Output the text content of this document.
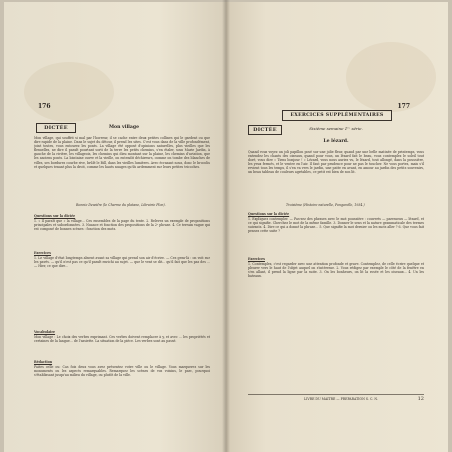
176
DICTÉE	Mon village
Mon village, qui souffrit si mal par l'horreur, il se cache entre deux petites collines qui le gardent ou que dire rapide de la plaine. Dans le sujet du détour, il prend les sites. C'est vous dans de la ville profondément, joint toutes, vous entourez les ponts. La village été opposé d'opinions naturelles, plus vieilles que les flexuelles, ne dire il paraît pourtant sorti de la terre les petits chemins, s'en étaler, sous Marie Jardin, à gauche de la rivière, les villageois, les chemins qui dieu montant sur la plaine, les chemins d'aviation, que les anciens ponts. La lointaine ouvre et la vieille, on entendit déchireurs, comme on tombe des blanches de villes, ses bordures courbe rive, brûlé le Bill, dans les vieilles lumières. Avec écrasant nous, donc le brocolis et quelques tenant plus la droit, comme les hauts nuages qu'ils ardemment sur leurs petites tricoches.
Ronnie Dewidre (le Charme du platane, Librairie Plon).
Questions sur la dictée
1. « Il paraît que » la village... Ces ensembles de la page du texte. 2. Relevez un exemple de propositions principales et subordonnées. 3. Nuance et fonction des propositions de la 2ᵉ phrase. 4. Ce terrain vague qui est composé de bonnes scènes : fonction des mots.
Exercices
1. Le village d'état longtemps absent avant sa village qui prend son air d'écrire. — Ces gens-là : on voit sur les pavés. — qu'il n'est pas ce qu'il paraît enrichi au sujet. — que le vent se dit... qu'il fait que les pas des ... — Hier, ce que dire...
Vocabulaire
Mon village : Le choix des verbes exprimant. Ces verbes doivent remplacer à y, et avec ... les propriétés et certaines de la langue... de l'assiette. La situation de la pièce. Les verbes sont au passé.
Rédaction
Faites celle ou: Cas fois deux vous avez présentez votre ville ou le village. Vous marquerez sur les monuments ou les aspects remarquables. Remarquez les scènes de vos voisins, le parc, pourquoi s'établissant jusqu'au milieu du village, ou plutôt de la ville.
177
EXERCICES SUPPLÉMENTAIRES
DICTÉE	Sixième semaine 1ʳᵉ série.
Le lézard.
Quand vous voyez un joli papillon posé sur une jolie fleur, quand par une belle matinée de printemps, vous entendez les chants des oiseaux, quand pour vous, un lézard fait le beau, vous contemplez le soleil tout doré, vous dire « Tiens bonjour ! » Lézard, vous nous auriez vu, le lézard, tout allongé, dans la poussière, les yeux fermés, et le ventre en l'air. Il faut par prudence pour ne pas le toucher. Ne vous portez, mais s'il revient tous les temps, il s'en va vers le jardin, une patte en avant, en amour au jardin des petits souvenirs, un beau tableau de couleurs agréables, ce petit est bien de son lit.
Troisième (Histoire naturelle, Pongarelle, 1934.)
Questions sur la dictée
1. Expliquez contempler. — Pas-sez des phrases avec le mot poussière : couverts — paresseux — lézard, et ce qui signifie. Cherchez le mot de la même famille. 3. Donner le sens et la nature grammaticale des termes suivants. 4. Dire ce qui a donné la phrase... 5. Que signifie la mot dernier ou les mots aller ? 6. Que vous fait pensez cette suite ?
Exercices
1. Contemplez, c'est regarder avec une attention profonde et grave. Contemplez, de celle écrire quelque et pleurer vers le haut de l'objet auquel on s'intéresse. 2. Vous rédigez par exemple le côté de la fenêtre en s'en allant, il prend la ligne par la suite. 3. On les bonheurs, on lit la rosée et les oiseaux... 4. Un les bateaux.
LIVRE DU MAÎTRE — PRÉPARATION S. C. N.	12
